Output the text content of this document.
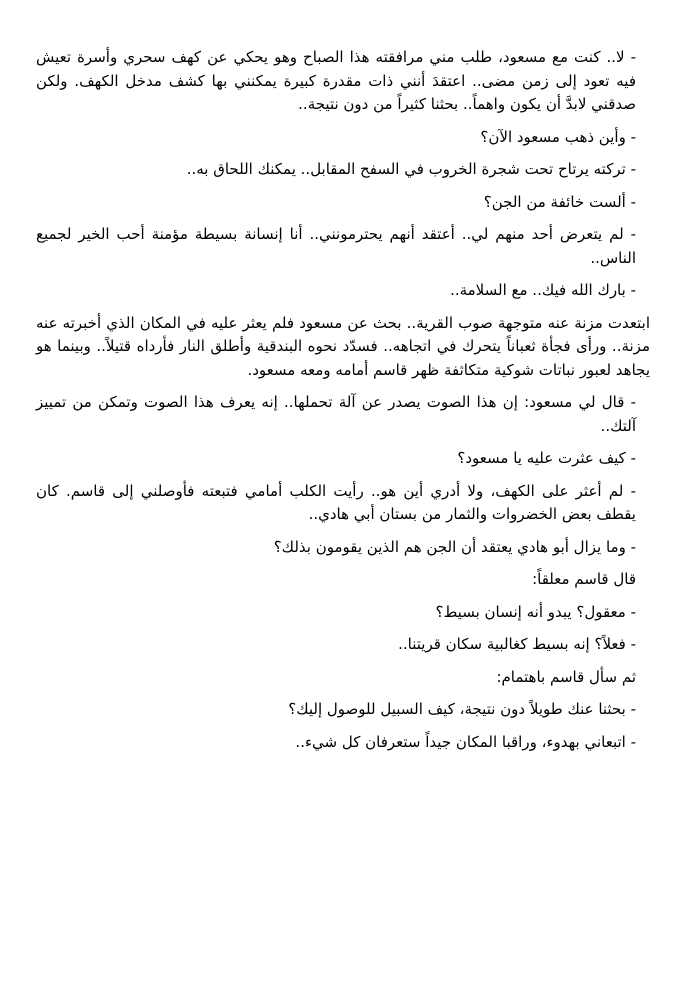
- لا.. كنت مع مسعود، طلب مني مرافقته هذا الصباح وهو يحكي عن كهف سحري وأسرة تعيش فيه تعود إلى زمن مضى.. اعتقدَ أنني ذات مقدرة كبيرة يمكنني بها كشف مدخل الكهف. ولكن صدقني لابدَّ أن يكون واهماً.. بحثنا كثيراً من دون نتيجة..

- وأين ذهب مسعود الآن؟

- تركته يرتاح تحت شجرة الخروب في السفح المقابل.. يمكنك اللحاق به..

- ألست خائفة من الجن؟

- لم يتعرض أحد منهم لي.. أعتقد أنهم يحترمونني.. أنا إنسانة بسيطة مؤمنة أحب الخير لجميع الناس..

- بارك الله فيك.. مع السلامة..

ابتعدت مزنة عنه متوجهة صوب القرية.. بحث عن مسعود فلم يعثر عليه في المكان الذي أخبرته عنه مزنة.. ورأى فجأة ثعباناً يتحرك في اتجاهه.. فسدّد نحوه البندقية وأطلق النار فأرداه قتيلاً.. وبينما هو يجاهد لعبور نباتات شوكية متكاثفة ظهر قاسم أمامه ومعه مسعود.

- قال لي مسعود: إن هذا الصوت يصدر عن آلة تحملها.. إنه يعرف هذا الصوت وتمكن من تمييز آلتك..

- كيف عثرت عليه يا مسعود؟

- لم أعثر على الكهف، ولا أدري أين هو.. رأيت الكلب أمامي فتبعته فأوصلني إلى قاسم. كان يقطف بعض الخضروات والثمار من بستان أبي هادي..

- وما يزال أبو هادي يعتقد أن الجن هم الذين يقومون بذلك؟

قال قاسم معلقاً:

- معقول؟ يبدو أنه إنسان بسيط؟

- فعلاً؟ إنه بسيط كغالبية سكان قريتنا..

ثم سأل قاسم باهتمام:

- بحثنا عنك طويلاً دون نتيجة، كيف السبيل للوصول إليك؟

- اتبعاني بهدوء، وراقبا المكان جيداً ستعرفان كل شيء..
